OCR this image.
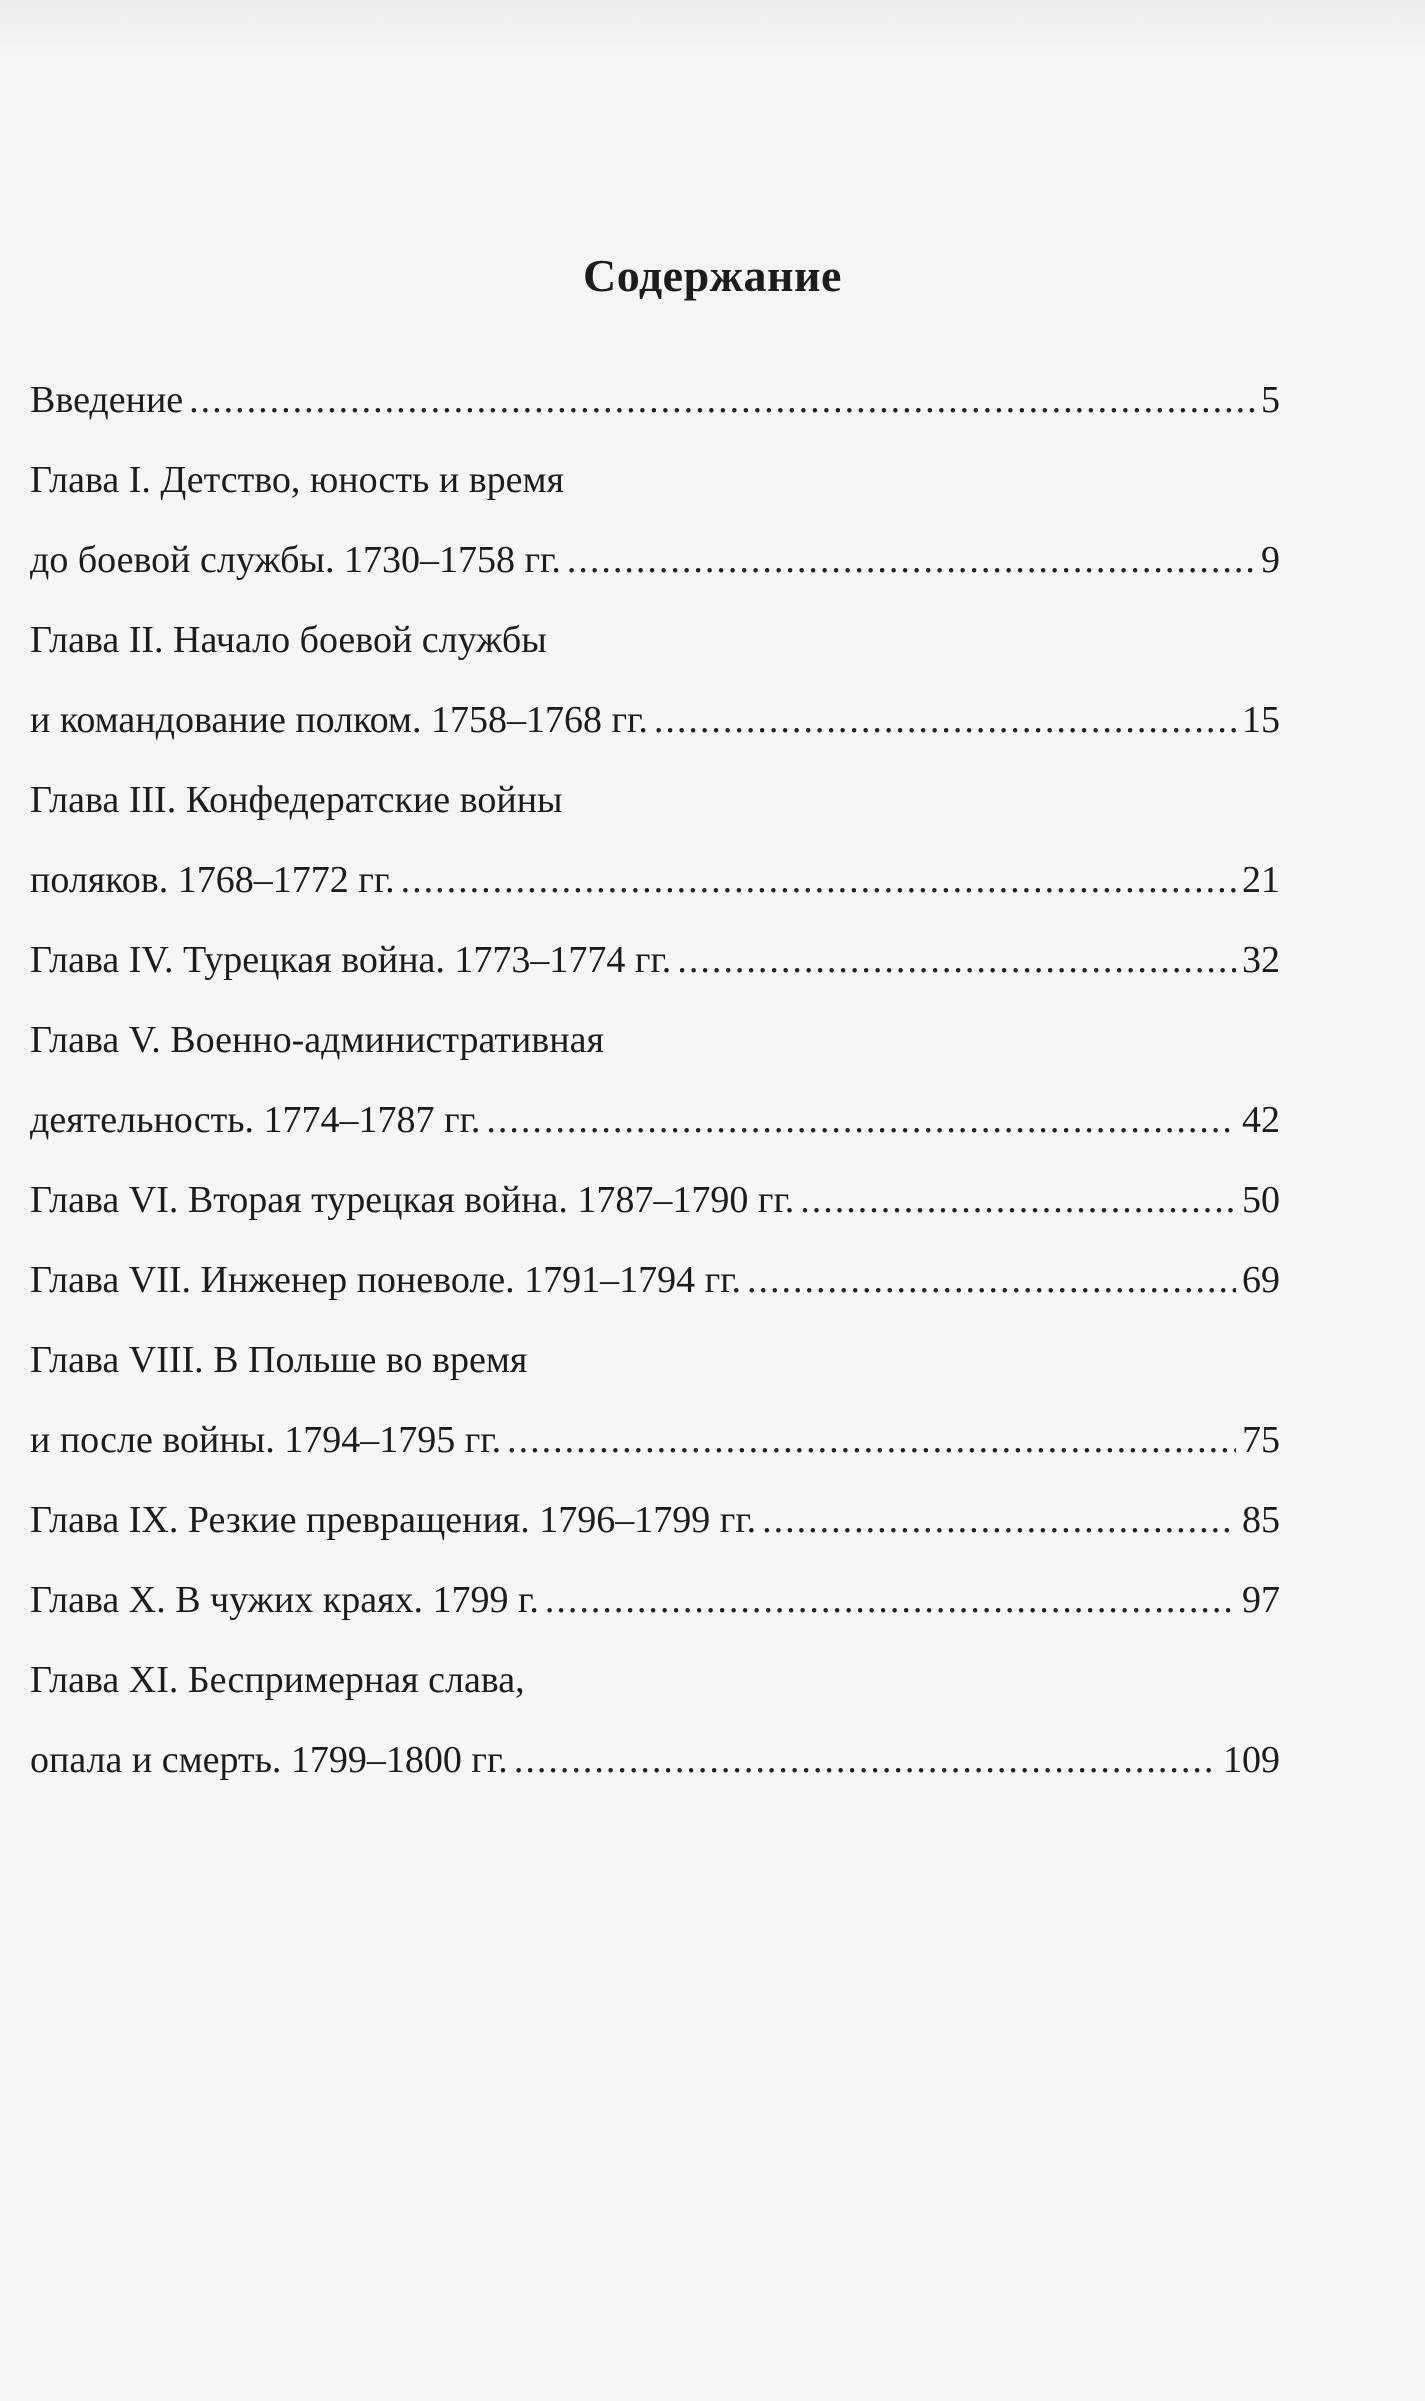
Содержание
Введение .....	5
Глава I. Детство, юность и время
до боевой службы. 1730–1758 гг. .....	9
Глава II. Начало боевой службы
и командование полком. 1758–1768 гг. .....	15
Глава III. Конфедератские войны
поляков. 1768–1772 гг. .....	21
Глава IV. Турецкая война. 1773–1774 гг. .....	32
Глава V. Военно-административная
деятельность. 1774–1787 гг. .....	42
Глава VI. Вторая турецкая война. 1787–1790 гг. .....	50
Глава VII. Инженер поневоле. 1791–1794 гг. .....	69
Глава VIII. В Польше во время
и после войны. 1794–1795 гг. .....	75
Глава IX. Резкие превращения. 1796–1799 гг. .....	85
Глава X. В чужих краях. 1799 г. .....	97
Глава XI. Беспримерная слава,
опала и смерть. 1799–1800 гг. .....	109
